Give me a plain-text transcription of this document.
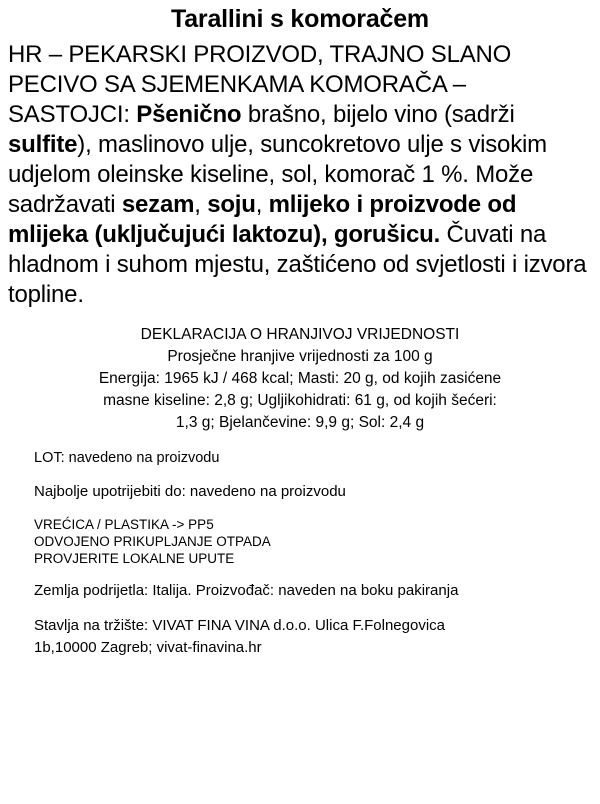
Tarallini s komoračem
HR – PEKARSKI PROIZVOD, TRAJNO SLANO PECIVO SA SJEMENKAMA KOMORAČA – SASTOJCI: Pšenično brašno, bijelo vino (sadrži sulfite), maslinovo ulje, suncokretovo ulje s visokim udjelom oleinske kiseline, sol, komorač 1 %. Može sadržavati sezam, soju, mlijeko i proizvode od mlijeka (uključujući laktozu), gorušicu. Čuvati na hladnom i suhom mjestu, zaštićeno od svjetlosti i izvora topline.
DEKLARACIJA O HRANJIVOJ VRIJEDNOSTI
Prosječne hranjive vrijednosti za 100 g
Energija: 1965 kJ / 468 kcal; Masti: 20 g, od kojih zasićene
masne kiseline: 2,8 g; Ugljikohidrati: 61 g, od kojih šećeri:
1,3 g; Bjelančevine: 9,9 g; Sol: 2,4 g
LOT: navedeno na proizvodu
Najbolje upotrijebiti do: navedeno na proizvodu
VREĆICA / PLASTIKA -> PP5
ODVOJENO PRIKUPLJANJE OTPADA
PROVJERITE LOKALNE UPUTE
Zemlja podrijetla: Italija. Proizvođač: naveden na boku pakiranja
Stavlja na tržište: VIVAT FINA VINA d.o.o. Ulica F.Folnegovica
1b,10000 Zagreb; vivat-finavina.hr
